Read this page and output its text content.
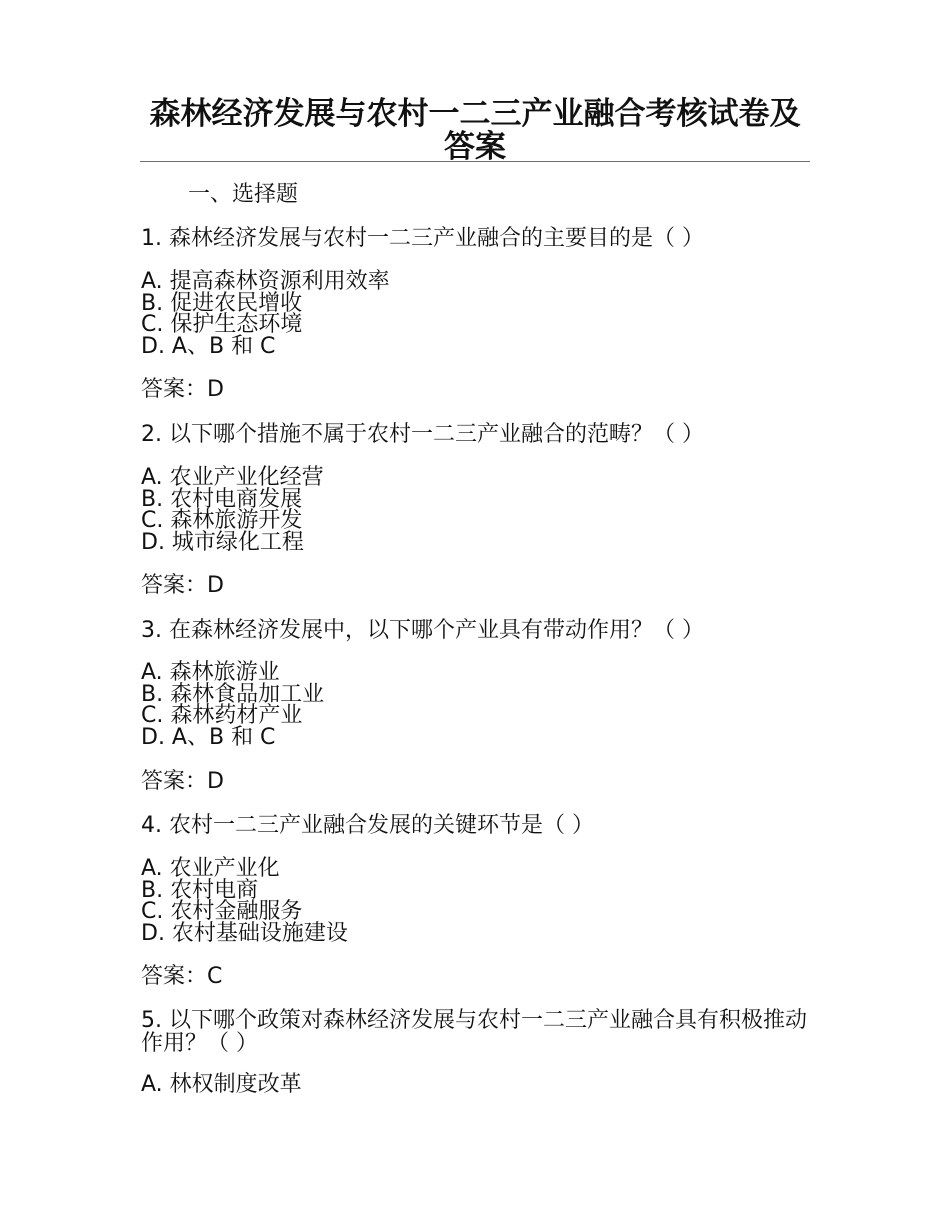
森林经济发展与农村一二三产业融合考核试卷及答案
一、选择题
1. 森林经济发展与农村一二三产业融合的主要目的是（ ）
A. 提高森林资源利用效率
B. 促进农民增收
C. 保护生态环境
D. A、B 和 C
答案：D
2. 以下哪个措施不属于农村一二三产业融合的范畴？（ ）
A. 农业产业化经营
B. 农村电商发展
C. 森林旅游开发
D. 城市绿化工程
答案：D
3. 在森林经济发展中，以下哪个产业具有带动作用？（ ）
A. 森林旅游业
B. 森林食品加工业
C. 森林药材产业
D. A、B 和 C
答案：D
4. 农村一二三产业融合发展的关键环节是（ ）
A. 农业产业化
B. 农村电商
C. 农村金融服务
D. 农村基础设施建设
答案：C
5. 以下哪个政策对森林经济发展与农村一二三产业融合具有积极推动作用？（ ）
A. 林权制度改革
